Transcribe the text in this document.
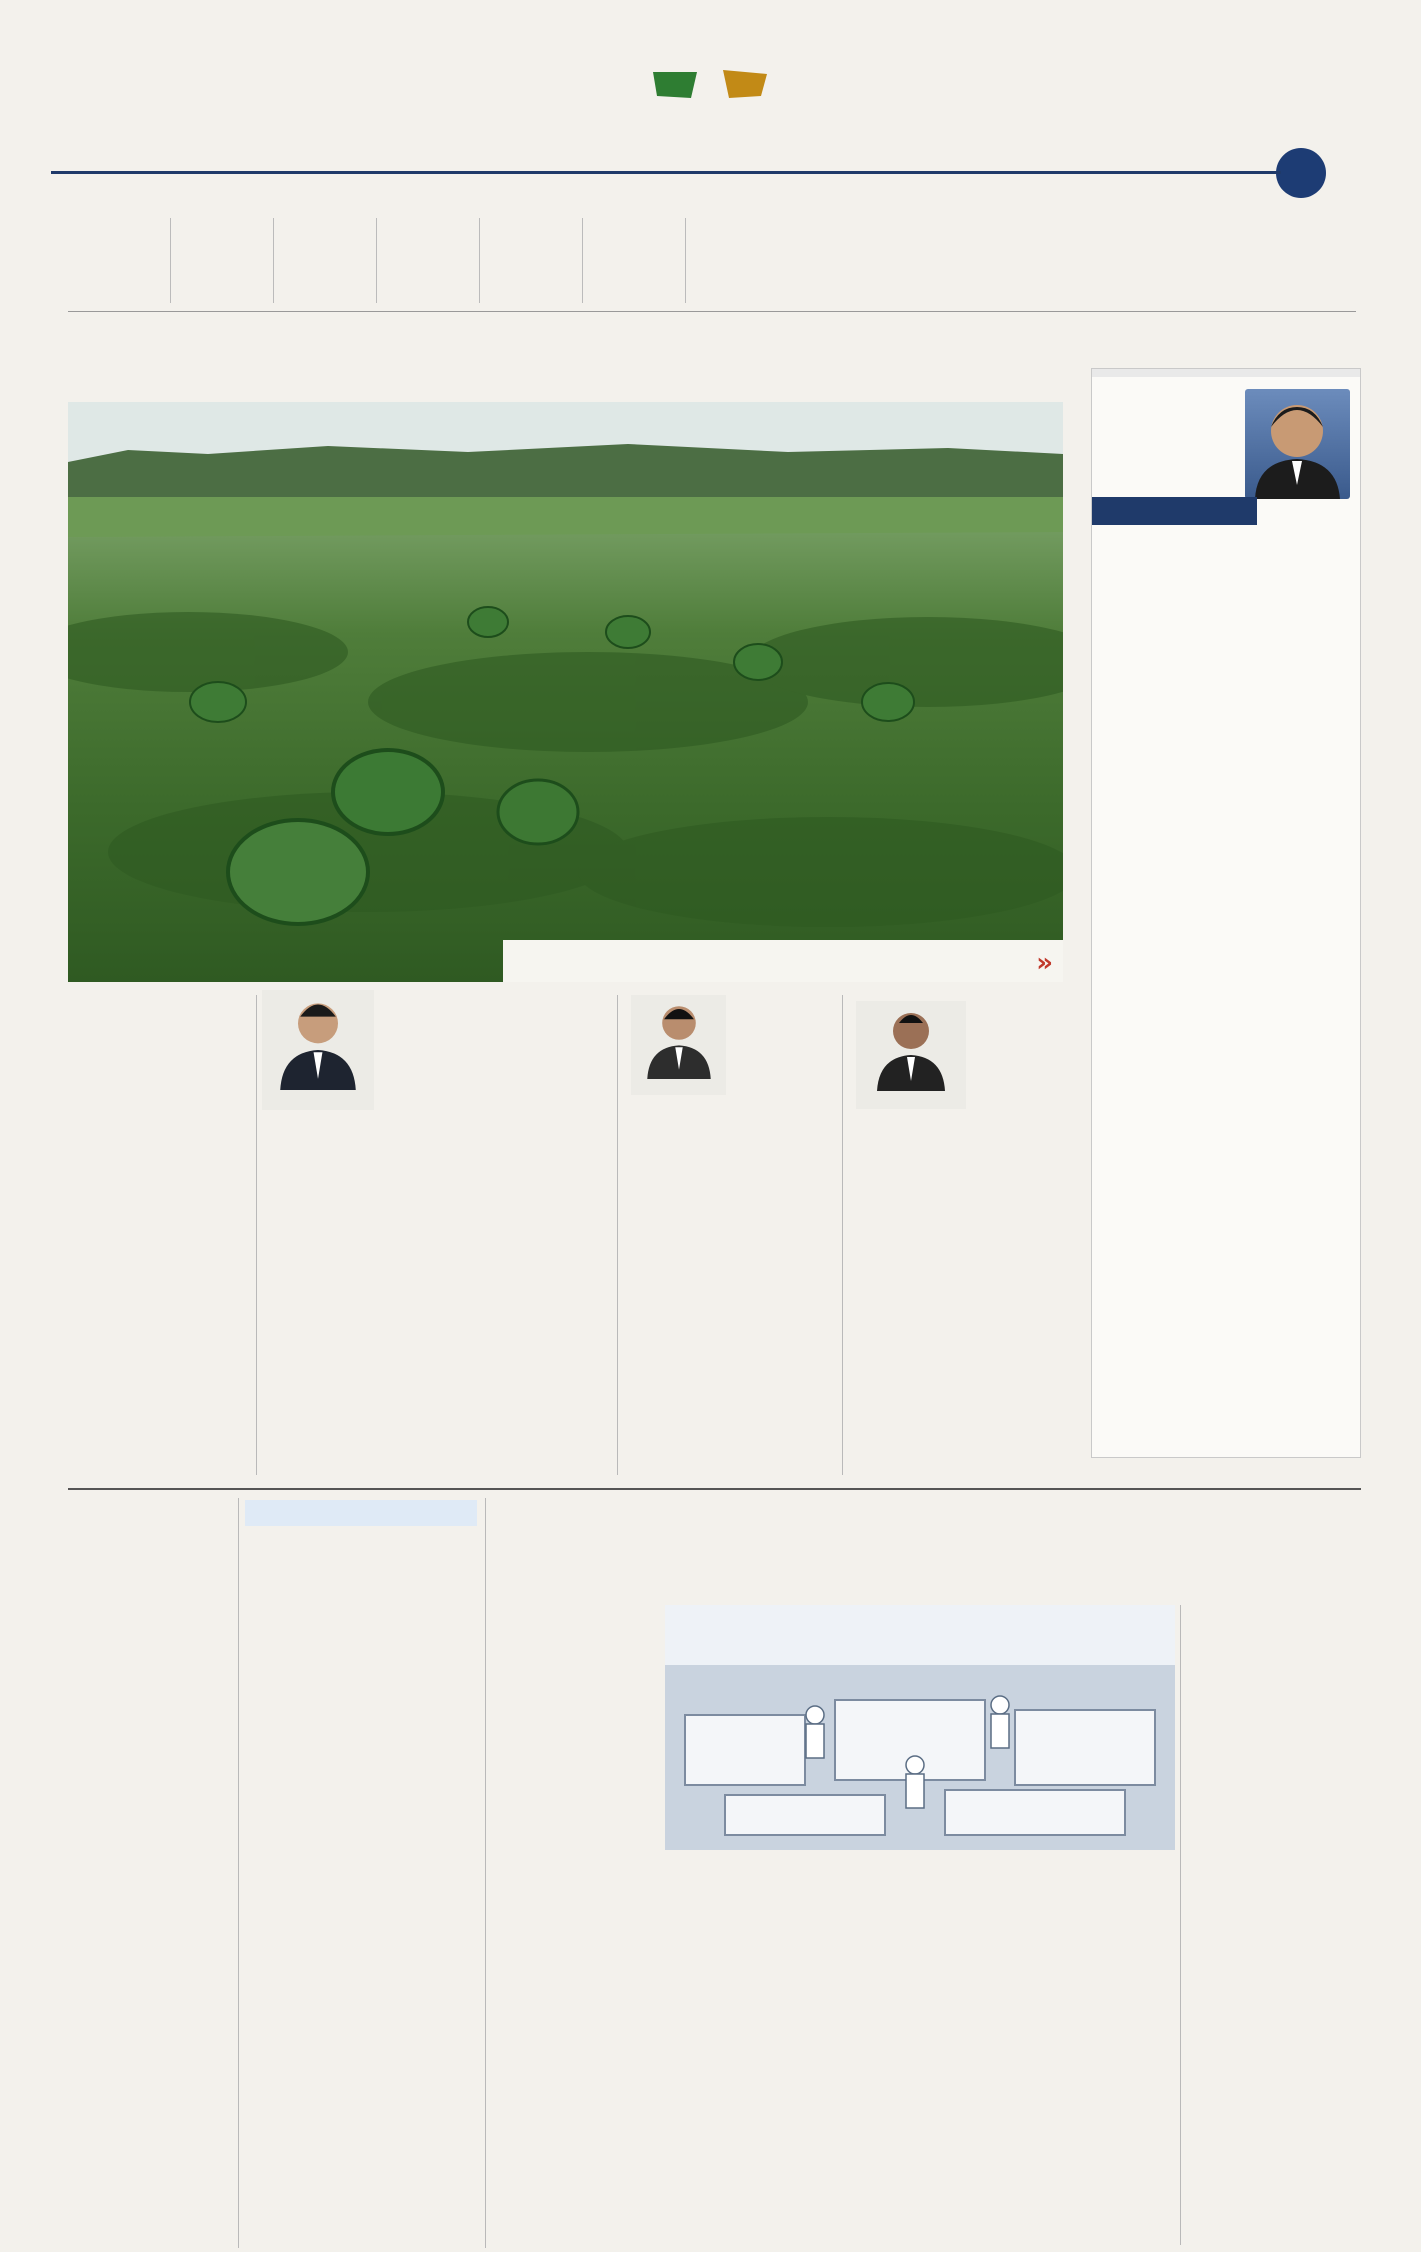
«
